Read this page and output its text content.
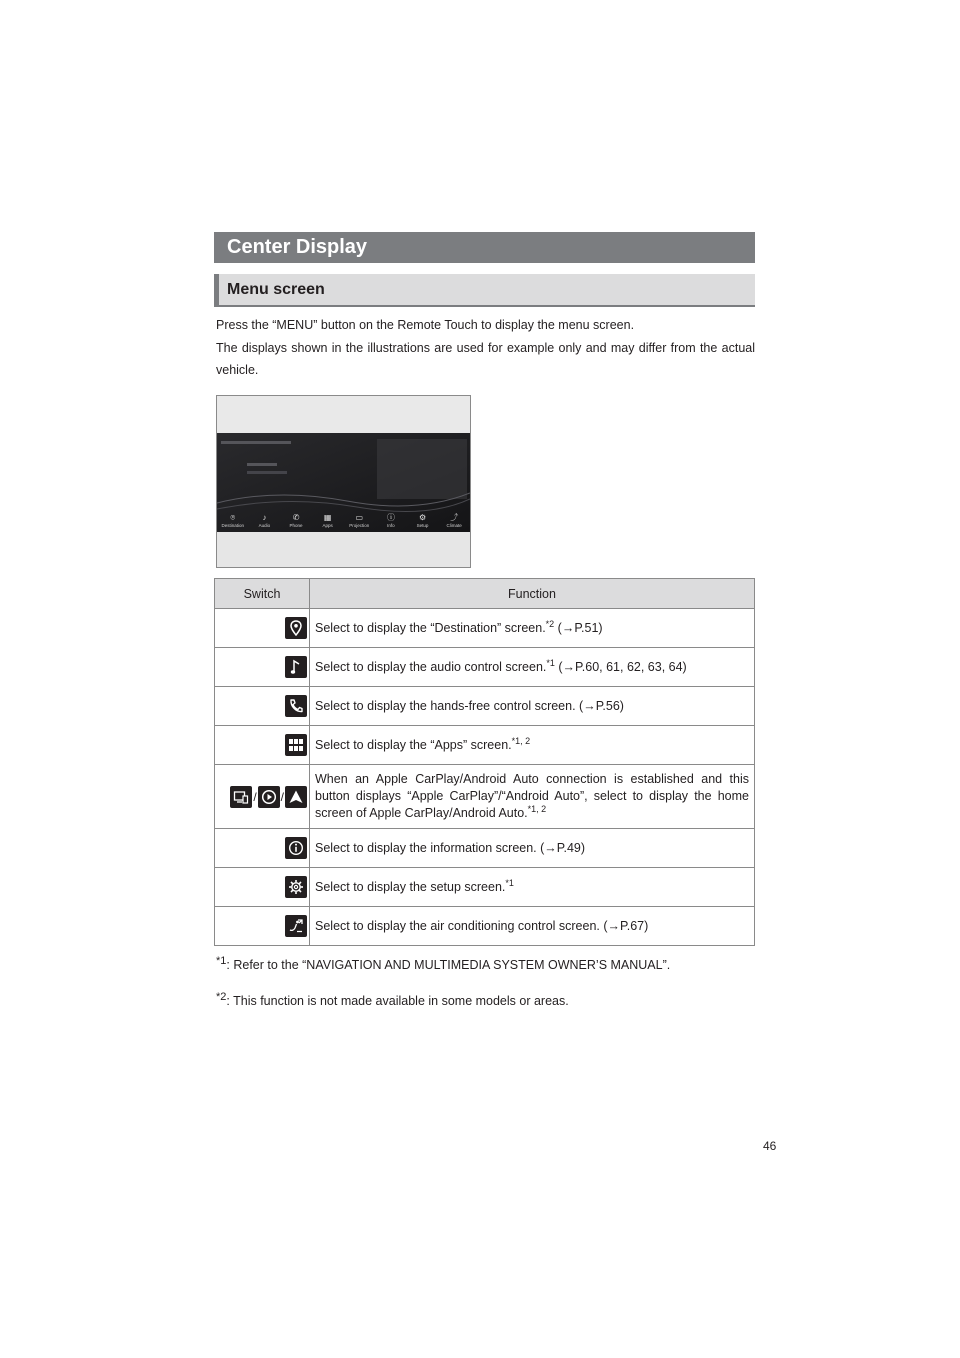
Center Display
Menu screen

Press the “MENU” button on the Remote Touch to display the menu screen.

The displays shown in the illustrations are used for example only and may differ from the actual vehicle.

⌾
Destination
♪
Audio
✆
Phone
▦
Apps
▭
Projection
ⓘ
Info
⚙
Setup
⤴
Climate
Switch	Function

	Select to display the “Destination” screen.$^{*2}$ (→P.51)

	Select to display the audio control screen.$^{*1}$ (→P.60, 61, 62, 63, 64)

	Select to display the hands-free control screen. (→P.56)

	Select to display the “Apps” screen.$^{*1, 2}$

/ /	When an Apple CarPlay/Android Auto connection is established and this button displays “Apple CarPlay”/“Android Auto”, select to display the home screen of Apple CarPlay/Android Auto.$^{*1, 2}$

	Select to display the information screen. (→P.49)

	Select to display the setup screen.$^{*1}$

	Select to display the air conditioning control screen. (→P.67)

$^{*1}$: Refer to the “NAVIGATION AND MULTIMEDIA SYSTEM OWNER’S MANUAL”.

$^{*2}$: This function is not made available in some models or areas.

46
